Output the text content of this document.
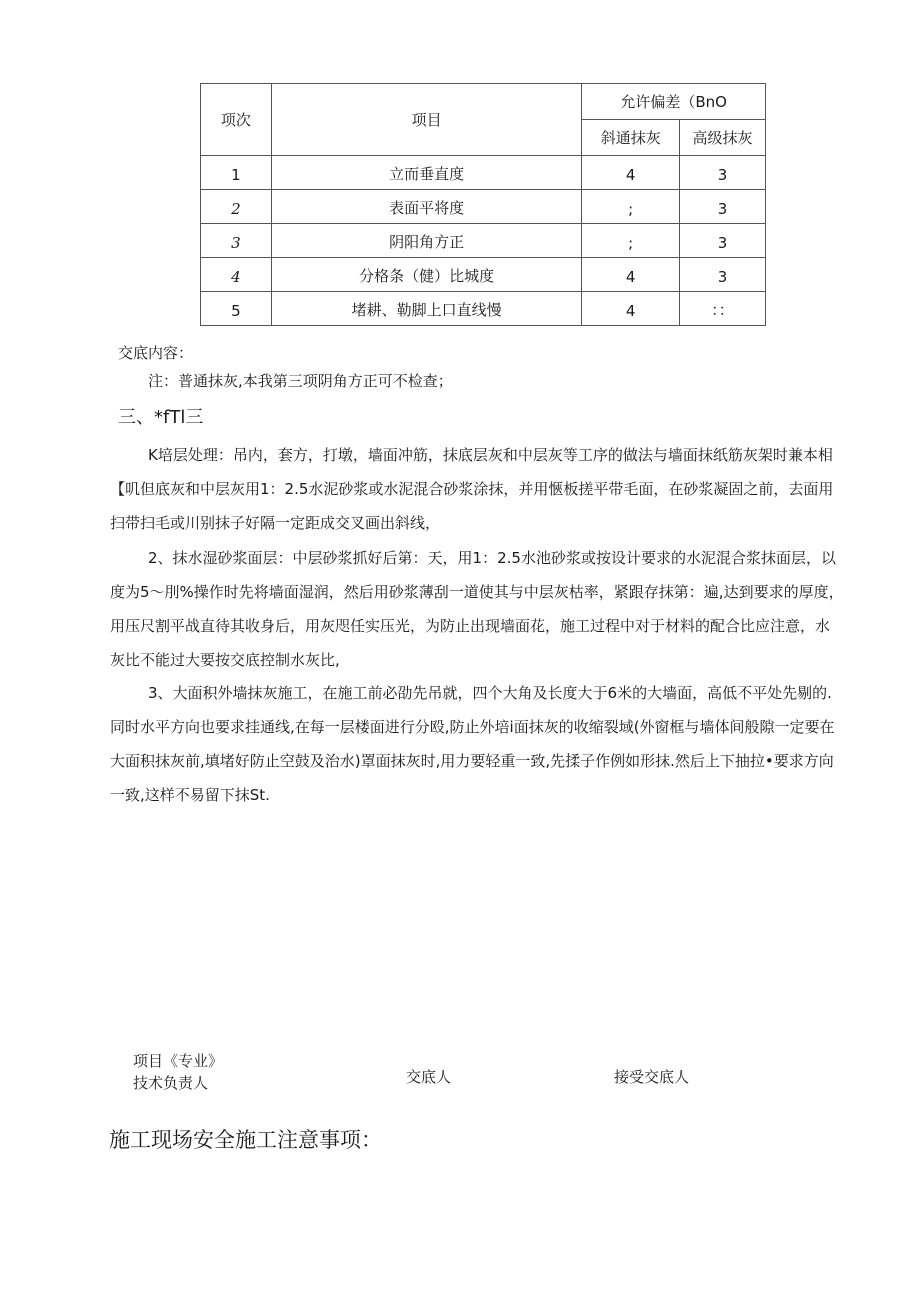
项次	项目	允许偏差（BnO	
		斜通抹灰	高级抹灰
1	立而垂直度	4	3
2	表面平将度	;	3
3	阴阳角方正	;	3
4	分格条（健）比城度	4	3
5	堵耕、勒脚上口直线慢	4	：：
交底内容：
注：普通抹灰,本我第三项阴角方正可不检查；
三、*fTl三
K培层处理：吊内，套方，打墩，墙面冲筋，抹底层灰和中层灰等工序的做法与墙面抹纸筋灰架时兼本相
【叽但底灰和中层灰用1：2.5水泥砂浆或水泥混合砂浆涂抹，并用愜板搓平带毛面，在砂浆凝固之前，去面用
扫带扫毛或川别抹子好隔一定距成交叉画出斜线，
2、抹水湿砂浆面层：中层砂浆抓好后第：天，用1：2.5水池砂浆或按设计要求的水泥混合浆抹面层，以
度为5〜刖%操作时先将墙面湿润，然后用砂浆薄刮一道使其与中层灰枯率，紧跟存抹第：遍,达到要求的厚度，
用压尺割平战直待其收身后，用灰咫任实压光，为防止出现墙面花，施工过程中对于材料的配合比应注意，水
灰比不能过大要按交底控制水灰比,
3、大面积外墙抹灰施工，在施工前必劭先吊就，四个大角及长度大于6米的大墙面，高低不平处先剔的.
同时水平方向也要求挂通线,在每一层楼面进行分殴,防止外培i面抹灰的收缩裂域(外窗框与墙体间般隙一定要在
大面积抹灰前,填堵好防止空鼓及治水)罩面抹灰时,用力要轻重一致,先揉子作例如形抹.然后上下抽拉•要求方向
一致,这样不易留下抹St.
项目《专业》
技术负责人	交底人	接受交底人
施工现场安全施工注意事项：
